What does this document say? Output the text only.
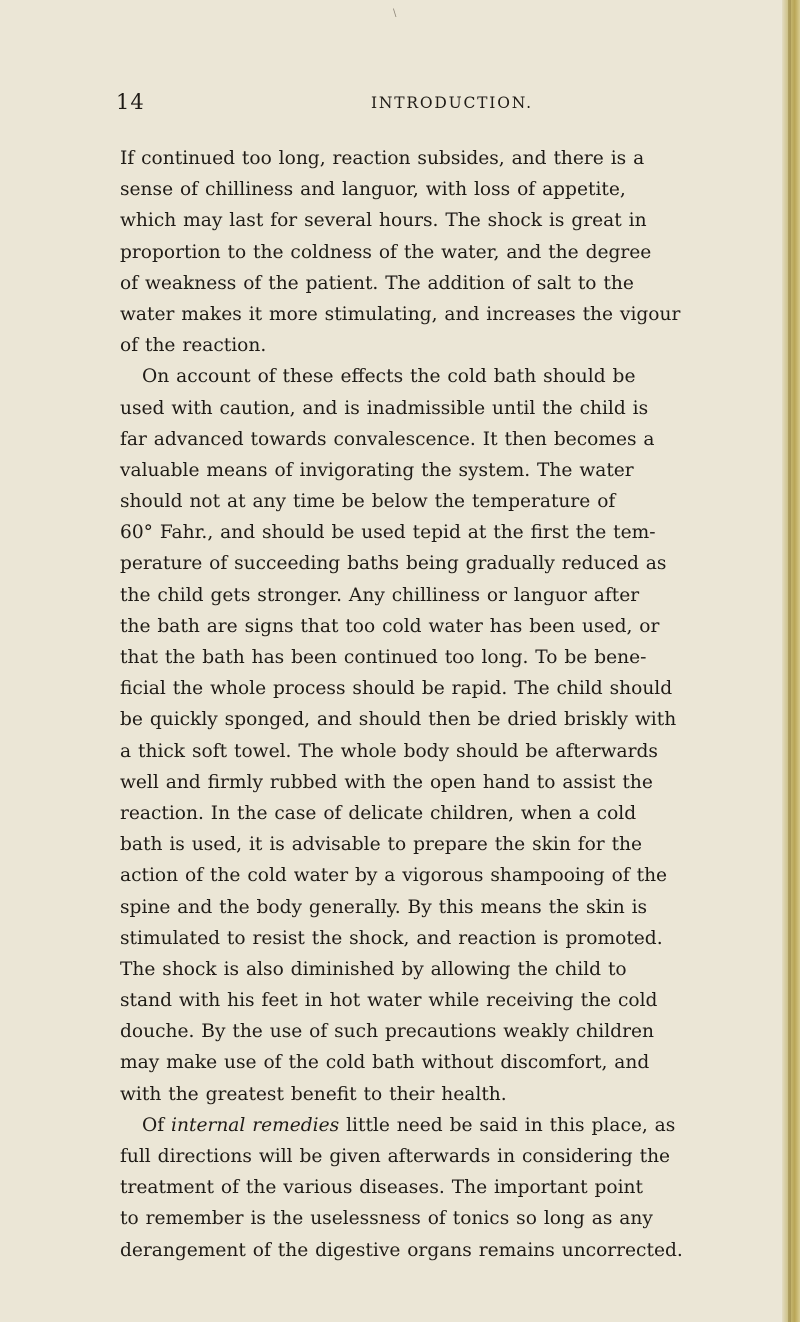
\
14	INTRODUCTION.
If continued too long, reaction subsides, and there is a
sense of chilliness and languor, with loss of appetite,
which may last for several hours. The shock is great in
proportion to the coldness of the water, and the degree
of weakness of the patient. The addition of salt to the
water makes it more stimulating, and increases the vigour
of the reaction.
On account of these effects the cold bath should be
used with caution, and is inadmissible until the child is
far advanced towards convalescence. It then becomes a
valuable means of invigorating the system. The water
should not at any time be below the temperature of
60° Fahr., and should be used tepid at the first the tem-
perature of succeeding baths being gradually reduced as
the child gets stronger. Any chilliness or languor after
the bath are signs that too cold water has been used, or
that the bath has been continued too long. To be bene-
ficial the whole process should be rapid. The child should
be quickly sponged, and should then be dried briskly with
a thick soft towel. The whole body should be afterwards
well and firmly rubbed with the open hand to assist the
reaction. In the case of delicate children, when a cold
bath is used, it is advisable to prepare the skin for the
action of the cold water by a vigorous shampooing of the
spine and the body generally. By this means the skin is
stimulated to resist the shock, and reaction is promoted.
The shock is also diminished by allowing the child to
stand with his feet in hot water while receiving the cold
douche. By the use of such precautions weakly children
may make use of the cold bath without discomfort, and
with the greatest benefit to their health.
Of internal remedies little need be said in this place, as
full directions will be given afterwards in considering the
treatment of the various diseases. The important point
to remember is the uselessness of tonics so long as any
derangement of the digestive organs remains uncorrected.
